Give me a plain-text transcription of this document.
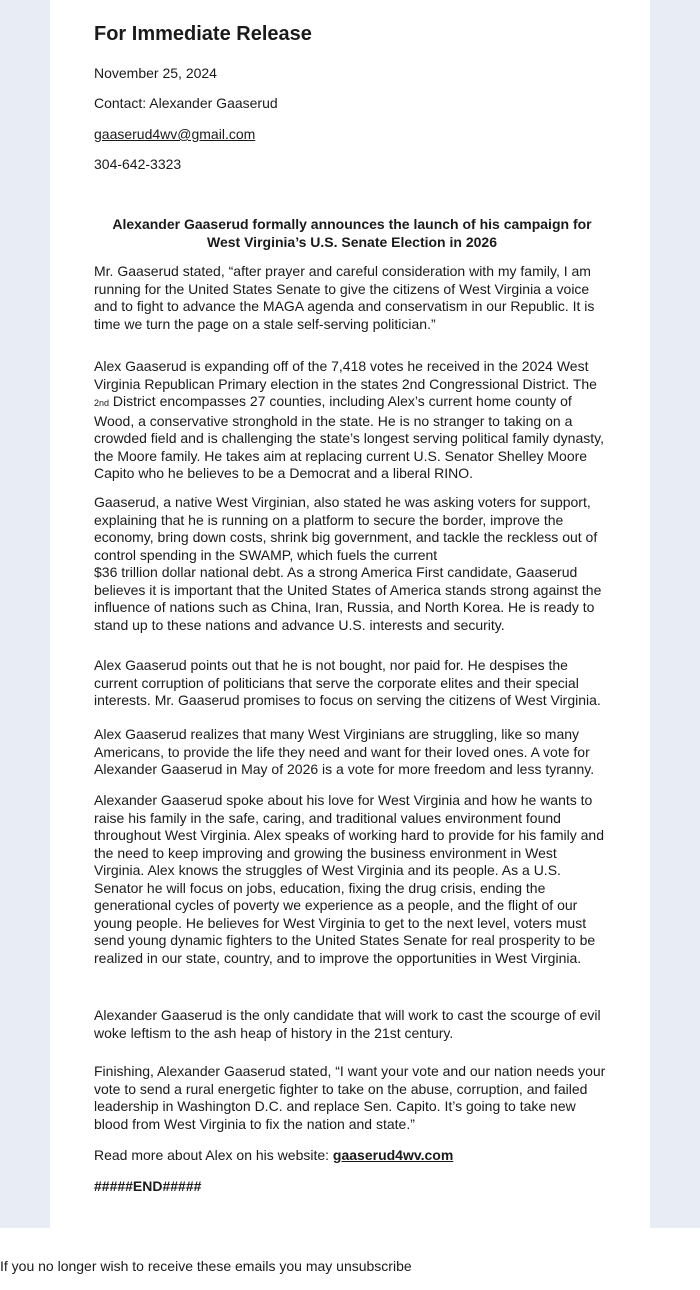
For Immediate Release

November 25, 2024

Contact: Alexander Gaaserud

gaaserud4wv@gmail.com

304-642-3323

Alexander Gaaserud formally announces the launch of his campaign for
West Virginia’s U.S. Senate Election in 2026

Mr. Gaaserud stated, “after prayer and careful consideration with my family, I am running for the United States Senate to give the citizens of West Virginia a voice and to fight to advance the MAGA agenda and conservatism in our Republic. It is time we turn the page on a stale self-serving politician.”

Alex Gaaserud is expanding off of the 7,418 votes he received in the 2024 West Virginia Republican Primary election in the states 2nd Congressional District. The 2nd District encompasses 27 counties, including Alex’s current home county of Wood, a conservative stronghold in the state. He is no stranger to taking on a crowded field and is challenging the state’s longest serving political family dynasty, the Moore family. He takes aim at replacing current U.S. Senator Shelley Moore Capito who he believes to be a Democrat and a liberal RINO.

Gaaserud, a native West Virginian, also stated he was asking voters for support, explaining that he is running on a platform to secure the border, improve the economy, bring down costs, shrink big government, and tackle the reckless out of control spending in the SWAMP, which fuels the current
$36 trillion dollar national debt. As a strong America First candidate, Gaaserud believes it is important that the United States of America stands strong against the influence of nations such as China, Iran, Russia, and North Korea. He is ready to stand up to these nations and advance U.S. interests and security.

Alex Gaaserud points out that he is not bought, nor paid for. He despises the current corruption of politicians that serve the corporate elites and their special interests. Mr. Gaaserud promises to focus on serving the citizens of West Virginia.

Alex Gaaserud realizes that many West Virginians are struggling, like so many Americans, to provide the life they need and want for their loved ones. A vote for Alexander Gaaserud in May of 2026 is a vote for more freedom and less tyranny.

Alexander Gaaserud spoke about his love for West Virginia and how he wants to raise his family in the safe, caring, and traditional values environment found throughout West Virginia. Alex speaks of working hard to provide for his family and the need to keep improving and growing the business environment in West Virginia. Alex knows the struggles of West Virginia and its people. As a U.S. Senator he will focus on jobs, education, fixing the drug crisis, ending the generational cycles of poverty we experience as a people, and the flight of our young people. He believes for West Virginia to get to the next level, voters must send young dynamic fighters to the United States Senate for real prosperity to be realized in our state, country, and to improve the opportunities in West Virginia.

Alexander Gaaserud is the only candidate that will work to cast the scourge of evil woke leftism to the ash heap of history in the 21st century.

Finishing, Alexander Gaaserud stated, “I want your vote and our nation needs your vote to send a rural energetic fighter to take on the abuse, corruption, and failed leadership in Washington D.C. and replace Sen. Capito. It’s going to take new blood from West Virginia to fix the nation and state.”

Read more about Alex on his website: gaaserud4wv.com

#####END#####

If you no longer wish to receive these emails you may unsubscribe
